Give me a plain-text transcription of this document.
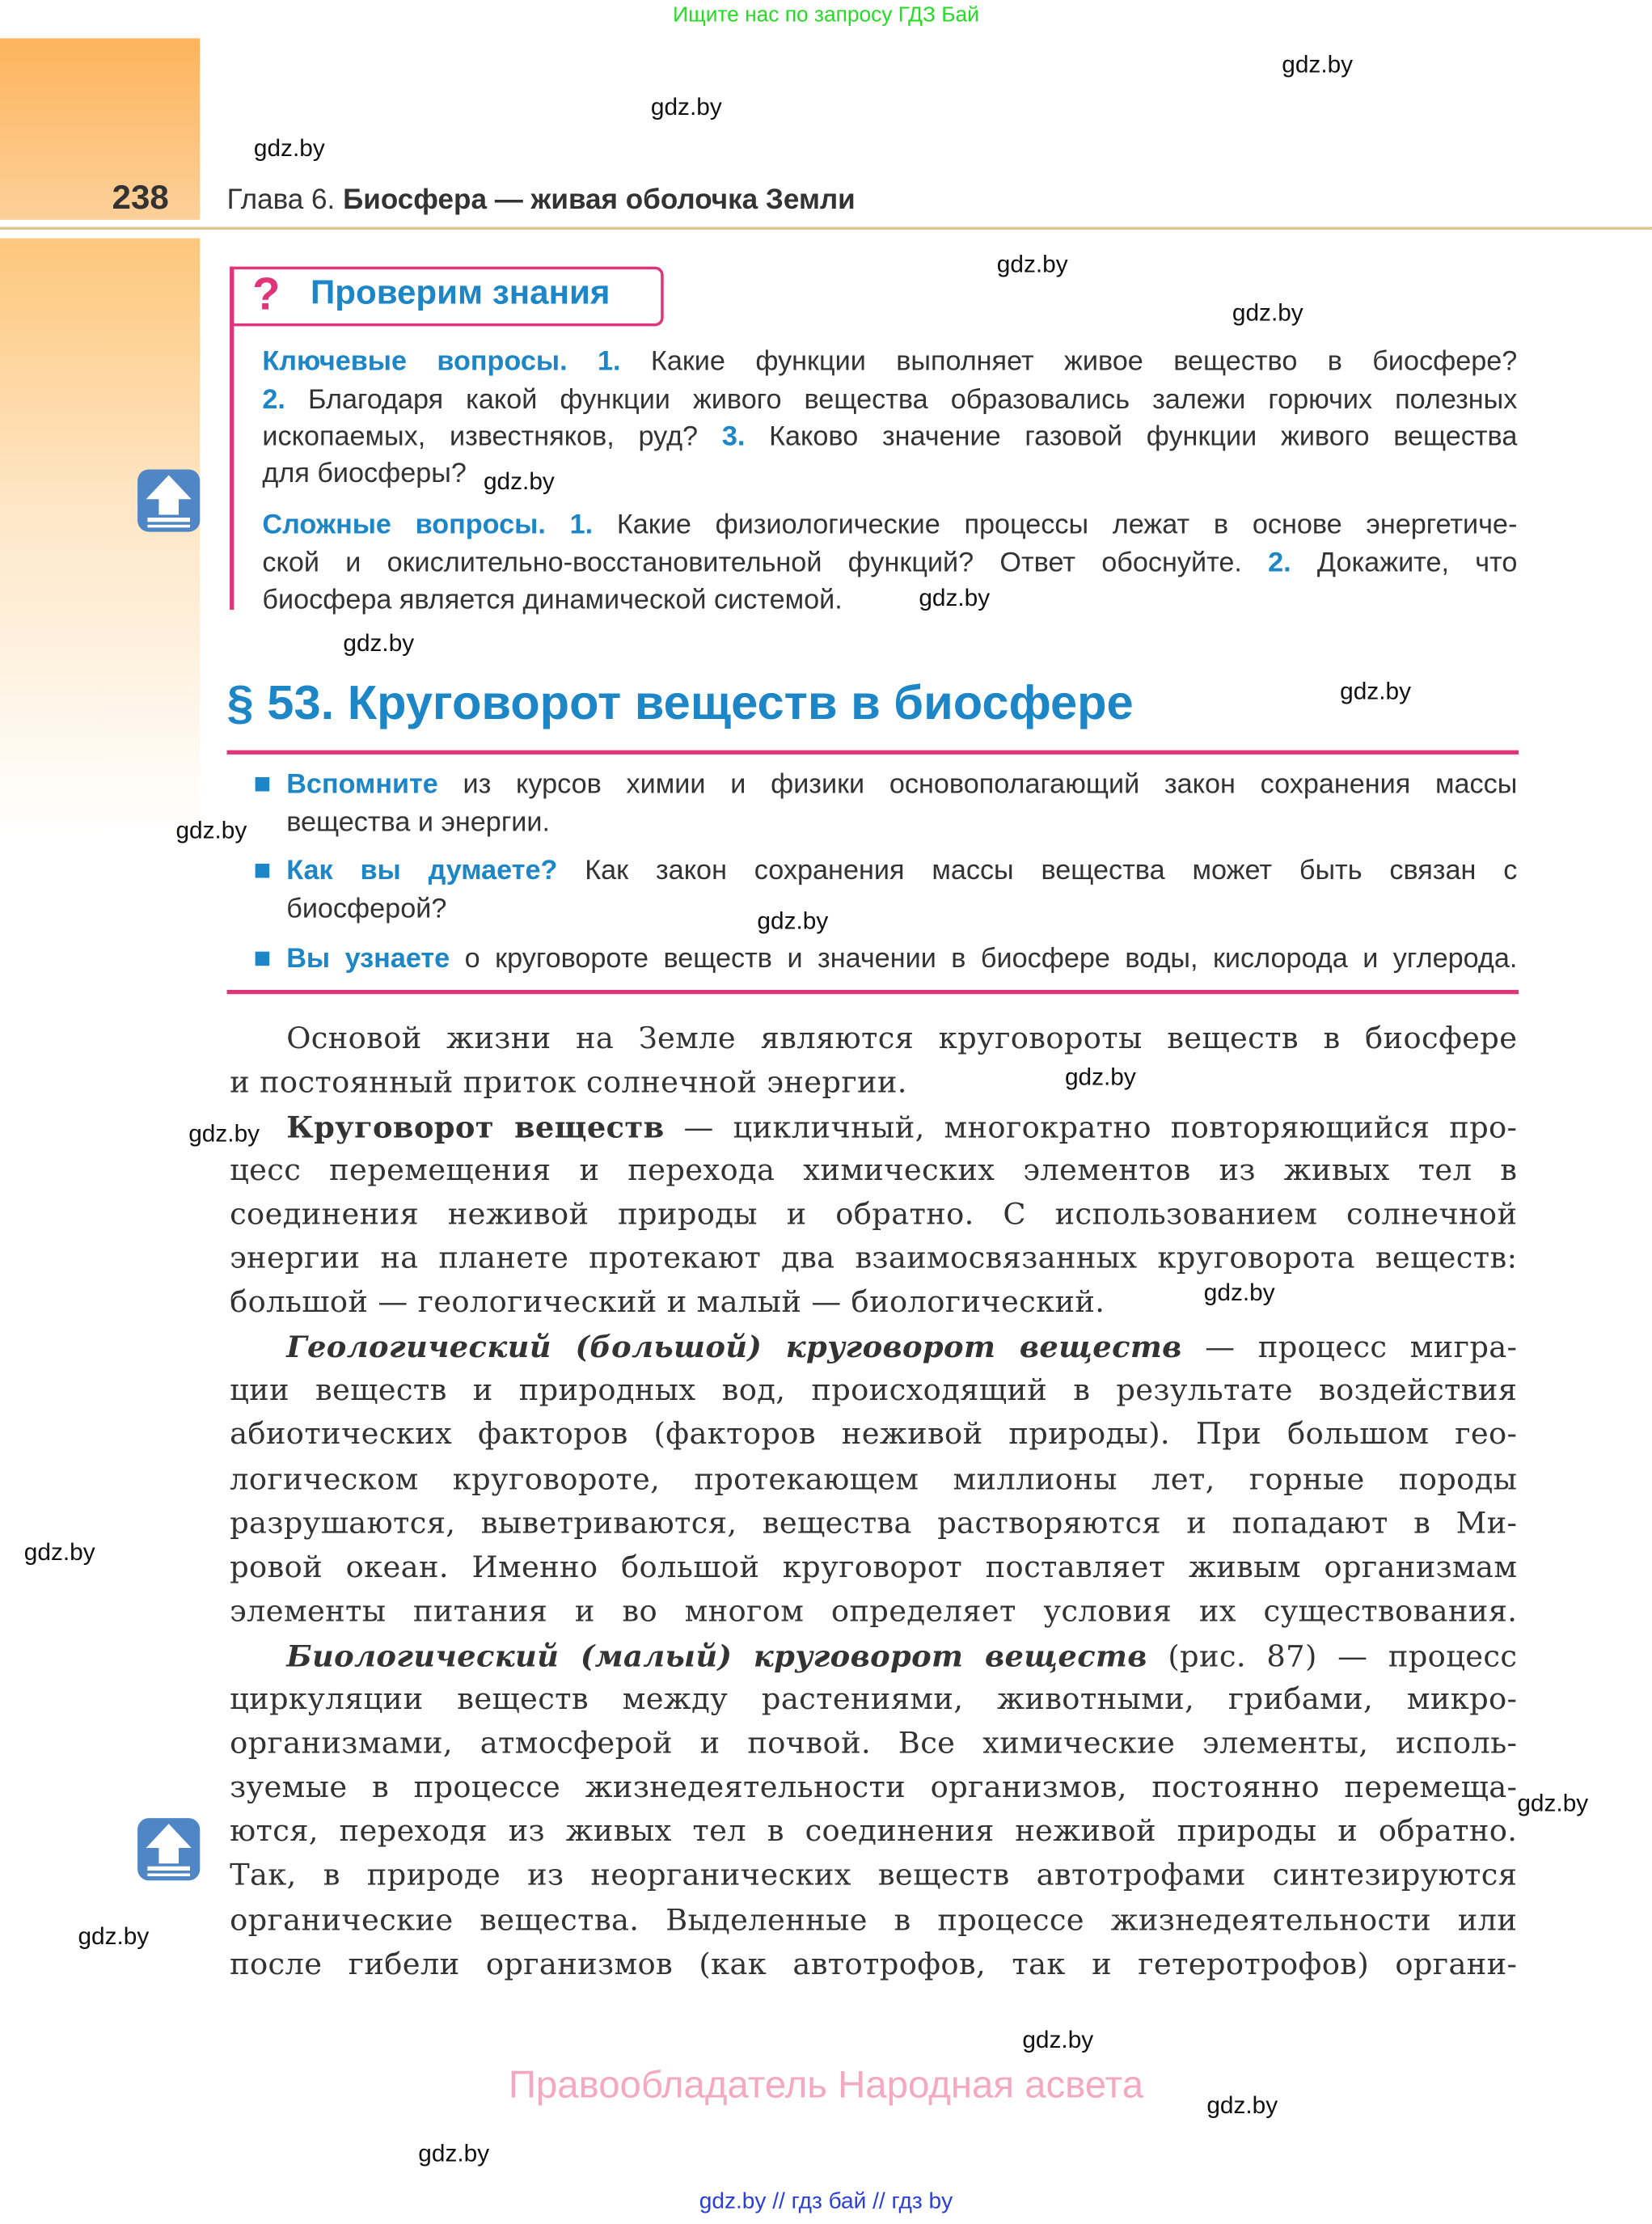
Ищите нас по запросу ГДЗ Бай
238	Глава 6. Биосфера — живая оболочка Земли
? Проверим знания
Ключевые вопросы. 1. Какие функции выполняет живое вещество в биосфере?
2. Благодаря какой функции живого вещества образовались залежи горючих полезных
ископаемых, известняков, руд? 3. Каково значение газовой функции живого вещества
для биосферы?
Сложные вопросы. 1. Какие физиологические процессы лежат в основе энергетиче-
ской и окислительно-восстановительной функций? Ответ обоснуйте. 2. Докажите, что
биосфера является динамической системой.
§ 53. Круговорот веществ в биосфере
Вспомните из курсов химии и физики основополагающий закон сохранения массы
вещества и энергии.
Как вы думаете? Как закон сохранения массы вещества может быть связан с
биосферой?
Вы узнаете о круговороте веществ и значении в биосфере воды, кислорода и углерода.
Основой жизни на Земле являются круговороты веществ в биосфере
и постоянный приток солнечной энергии.
Круговорот веществ — цикличный, многократно повторяющийся про-
цесс перемещения и перехода химических элементов из живых тел в
соединения неживой природы и обратно. С использованием солнечной
энергии на планете протекают два взаимосвязанных круговорота веществ:
большой — геологический и малый — биологический.
Геологический (большой) круговорот веществ — процесс мигра-
ции веществ и природных вод, происходящий в результате воздействия
абиотических факторов (факторов неживой природы). При большом гео-
логическом круговороте, протекающем миллионы лет, горные породы
разрушаются, выветриваются, вещества растворяются и попадают в Ми-
ровой океан. Именно большой круговорот поставляет живым организмам
элементы питания и во многом определяет условия их существования.
Биологический (малый) круговорот веществ (рис. 87) — процесс
циркуляции веществ между растениями, животными, грибами, микро-
организмами, атмосферой и почвой. Все химические элементы, исполь-
зуемые в процессе жизнедеятельности организмов, постоянно перемеща-
ются, переходя из живых тел в соединения неживой природы и обратно.
Так, в природе из неорганических веществ автотрофами синтезируются
органические вещества. Выделенные в процессе жизнедеятельности или
после гибели организмов (как автотрофов, так и гетеротрофов) органи-
gdz.by
gdz.by
gdz.by
gdz.by
gdz.by
gdz.by
gdz.by
gdz.by
gdz.by
gdz.by
gdz.by
gdz.by
gdz.by
gdz.by
gdz.by
gdz.by
gdz.by
gdz.by
gdz.by
gdz.by
Правообладатель Народная асвета
gdz.by // гдз бай // гдз by
